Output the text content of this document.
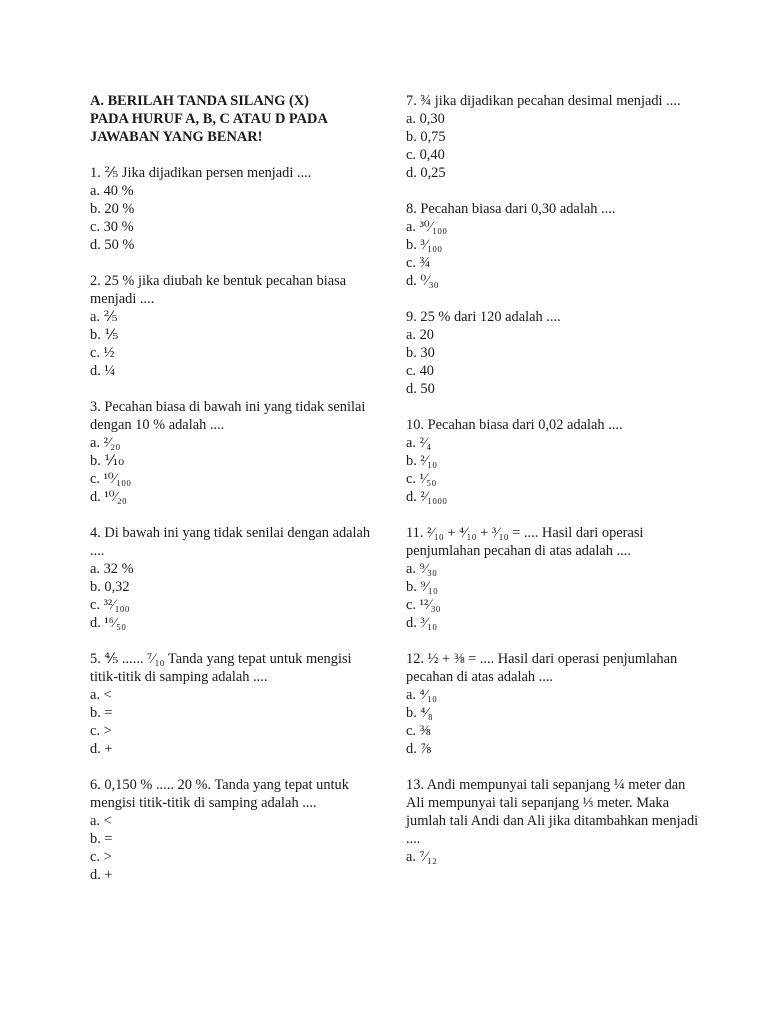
A. BERILAH TANDA SILANG (X)
PADA HURUF A, B, C ATAU D PADA
JAWABAN YANG BENAR!
1. ⅖ Jika dijadikan persen menjadi ....
a. 40 %
b. 20 %
c. 30 %
d. 50 %
2. 25 % jika diubah ke bentuk pecahan biasa menjadi ....
a. ⅖
b. ⅕
c. ½
d. ¼
3. Pecahan biasa di bawah ini yang tidak senilai dengan 10 % adalah ....
a. ²⁄₂₀
b. ⅒
c. ¹⁰⁄₁₀₀
d. ¹⁰⁄₂₀
4. Di bawah ini yang tidak senilai dengan adalah ....
a. 32 %
b. 0,32
c. ³²⁄₁₀₀
d. ¹⁶⁄₅₀
5. ⅘ ...... ⁷⁄₁₀ Tanda yang tepat untuk mengisi titik-titik di samping adalah ....
a. <
b. =
c. >
d. +
6. 0,150 % ..... 20 %. Tanda yang tepat untuk mengisi titik-titik di samping adalah ....
a. <
b. =
c. >
d. +
7. ¾ jika dijadikan pecahan desimal menjadi ....
a. 0,30
b. 0,75
c. 0,40
d. 0,25
8. Pecahan biasa dari 0,30 adalah ....
a. ³⁰⁄₁₀₀
b. ³⁄₁₀₀
c. ¾
d. ⁰⁄₃₀
9. 25 % dari 120 adalah ....
a. 20
b. 30
c. 40
d. 50
10. Pecahan biasa dari 0,02 adalah ....
a. ²⁄₄
b. ²⁄₁₀
c. ¹⁄₅₀
d. ²⁄₁₀₀₀
11. ²⁄₁₀ + ⁴⁄₁₀ + ³⁄₁₀ = .... Hasil dari operasi penjumlahan pecahan di atas adalah ....
a. ⁹⁄₃₀
b. ⁹⁄₁₀
c. ¹²⁄₃₀
d. ³⁄₁₀
12. ½ + ⅜ = .... Hasil dari operasi penjumlahan pecahan di atas adalah ....
a. ⁴⁄₁₀
b. ⁴⁄₈
c. ⅜
d. ⅞
13. Andi mempunyai tali sepanjang ¼ meter dan Ali mempunyai tali sepanjang ⅓ meter. Maka jumlah tali Andi dan Ali jika ditambahkan menjadi ....
a. ⁷⁄₁₂
